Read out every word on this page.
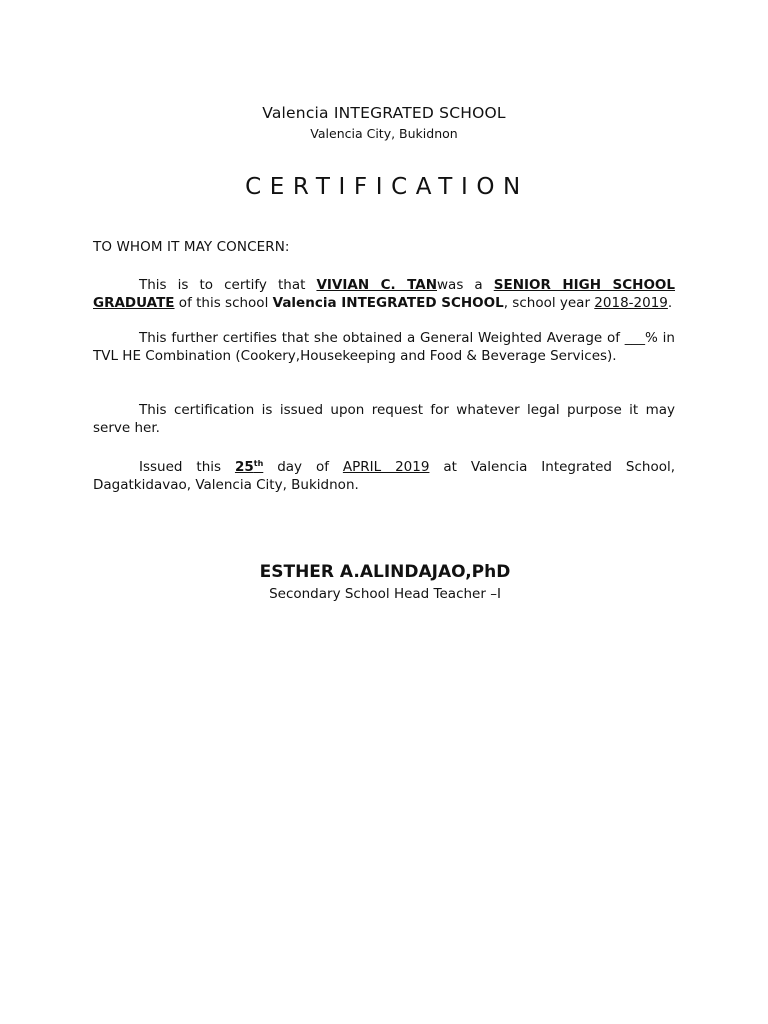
Valencia INTEGRATED SCHOOL
Valencia City, Bukidnon
CERTIFICATION
TO WHOM IT MAY CONCERN:
This is to certify that VIVIAN C. TANwas a SENIOR HIGH SCHOOL GRADUATE of this school Valencia INTEGRATED SCHOOL, school year 2018-2019.
This further certifies that she obtained a General Weighted Average of ___% in TVL HE Combination (Cookery,Housekeeping and Food & Beverage Services).
This certification is issued upon request for whatever legal purpose it may serve her.
Issued this 25th day of APRIL 2019 at Valencia Integrated School, Dagatkidavao, Valencia City, Bukidnon.
ESTHER A.ALINDAJAO,PhD
Secondary School Head Teacher –I
